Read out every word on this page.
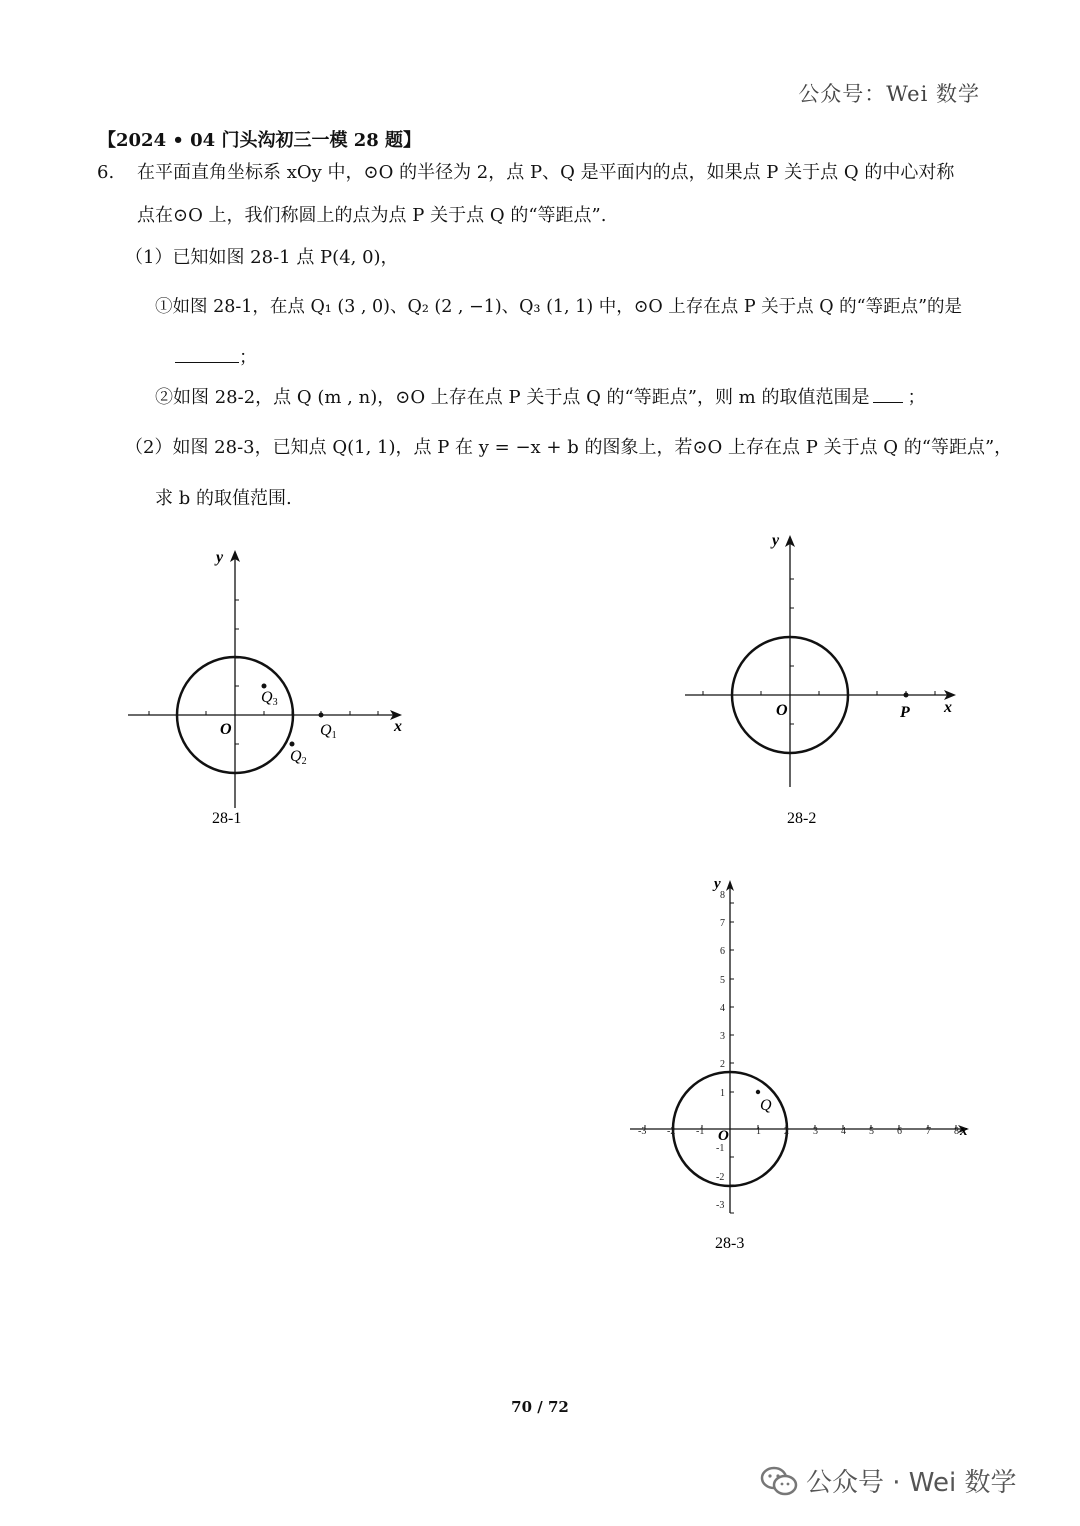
公众号：Wei 数学
【2024 • 04 门头沟初三一模 28 题】
6. 在平面直角坐标系 xOy 中，⊙O 的半径为 2，点 P、Q 是平面内的点，如果点 P 关于点 Q 的中心对称
点在⊙O 上，我们称圆上的点为点 P 关于点 Q 的“等距点”.
（1）已知如图 28-1 点 P(4, 0)，
①如图 28-1，在点 Q₁ (3 , 0)、Q₂ (2 , −1)、Q₃ (1, 1) 中，⊙O 上存在点 P 关于点 Q 的“等距点”的是
；
②如图 28-2，点 Q (m , n)，⊙O 上存在点 P 关于点 Q 的“等距点”，则 m 的取值范围是 ；
（2）如图 28-3，已知点 Q(1, 1)，点 P 在 y = −x + b 的图象上，若⊙O 上存在点 P 关于点 Q 的“等距点”，
求 b 的取值范围.
x
y
O	Q1
Q2
Q3
28-1
x
y
O	P
28-2
-3 -2 -1	1 2 3 4 5 6 7 8
8
7
6
5
4
3
2
1
-1
-2
-3
x
y
O
Q
28-3
70 / 72
公众号 · Wei 数学
